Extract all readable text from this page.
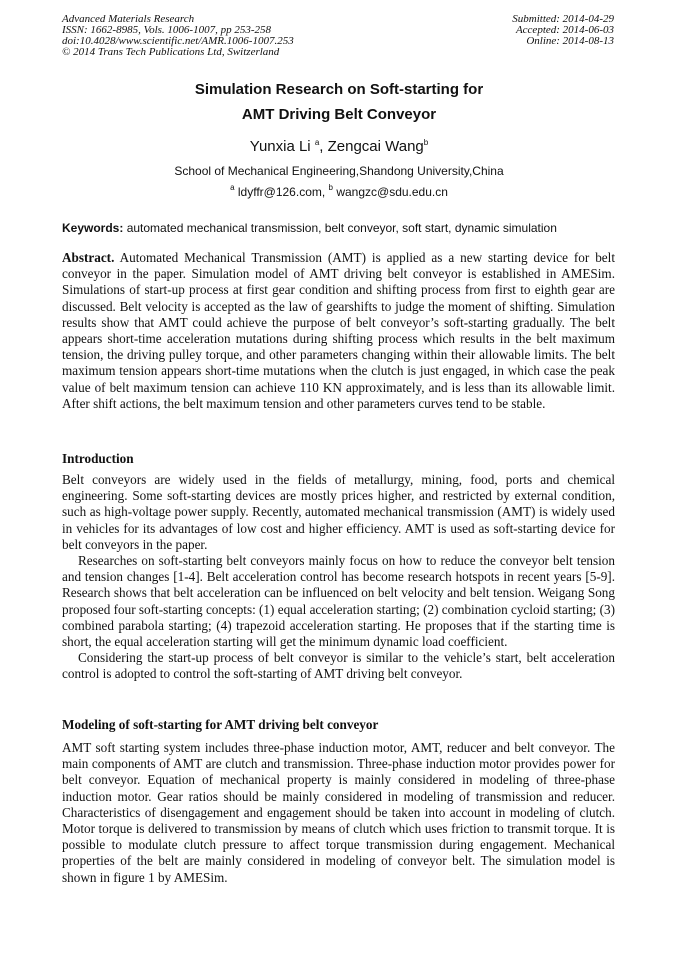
Advanced Materials Research
ISSN: 1662-8985, Vols. 1006-1007, pp 253-258
doi:10.4028/www.scientific.net/AMR.1006-1007.253
© 2014 Trans Tech Publications Ltd, Switzerland
Submitted: 2014-04-29
Accepted: 2014-06-03
Online: 2014-08-13
Simulation Research on Soft-starting for
AMT Driving Belt Conveyor
Yunxia Li $^a$, Zengcai Wang$^b$
School of Mechanical Engineering,Shandong University,China
$^a$ ldyffr@126.com, $^b$ wangzc@sdu.edu.cn
Keywords: automated mechanical transmission, belt conveyor, soft start, dynamic simulation

Abstract. Automated Mechanical Transmission (AMT) is applied as a new starting device for belt conveyor in the paper. Simulation model of AMT driving belt conveyor is established in AMESim. Simulations of start-up process at first gear condition and shifting process from first to eighth gear are discussed. Belt velocity is accepted as the law of gearshifts to judge the moment of shifting. Simulation results show that AMT could achieve the purpose of belt conveyor’s soft-starting gradually. The belt appears short-time acceleration mutations during shifting process which results in the belt maximum tension, the driving pulley torque, and other parameters changing within their allowable limits. The belt maximum tension appears short-time mutations when the clutch is just engaged, in which case the peak value of belt maximum tension can achieve 110 KN approximately, and is less than its allowable limit. After shift actions, the belt maximum tension and other parameters curves tend to be stable.

Introduction

Belt conveyors are widely used in the fields of metallurgy, mining, food, ports and chemical engineering. Some soft-starting devices are mostly prices higher, and restricted by external condition, such as high-voltage power supply. Recently, automated mechanical transmission (AMT) is widely used in vehicles for its advantages of low cost and higher efficiency. AMT is used as soft-starting device for belt conveyors in the paper.

Researches on soft-starting belt conveyors mainly focus on how to reduce the conveyor belt tension and tension changes [1-4]. Belt acceleration control has become research hotspots in recent years [5-9]. Research shows that belt acceleration can be influenced on belt velocity and belt tension. Weigang Song proposed four soft-starting concepts: (1) equal acceleration starting; (2) combination cycloid starting; (3) combined parabola starting; (4) trapezoid acceleration starting. He proposes that if the starting time is short, the equal acceleration starting will get the minimum dynamic load coefficient.

Considering the start-up process of belt conveyor is similar to the vehicle’s start, belt acceleration control is adopted to control the soft-starting of AMT driving belt conveyor.

Modeling of soft-starting for AMT driving belt conveyor

AMT soft starting system includes three-phase induction motor, AMT, reducer and belt conveyor. The main components of AMT are clutch and transmission. Three-phase induction motor provides power for belt conveyor. Equation of mechanical property is mainly considered in modeling of three-phase induction motor. Gear ratios should be mainly considered in modeling of transmission and reducer. Characteristics of disengagement and engagement should be taken into account in modeling of clutch. Motor torque is delivered to transmission by means of clutch which uses friction to transmit torque. It is possible to modulate clutch pressure to affect torque transmission during engagement. Mechanical properties of the belt are mainly considered in modeling of conveyor belt. The simulation model is shown in figure 1 by AMESim.
